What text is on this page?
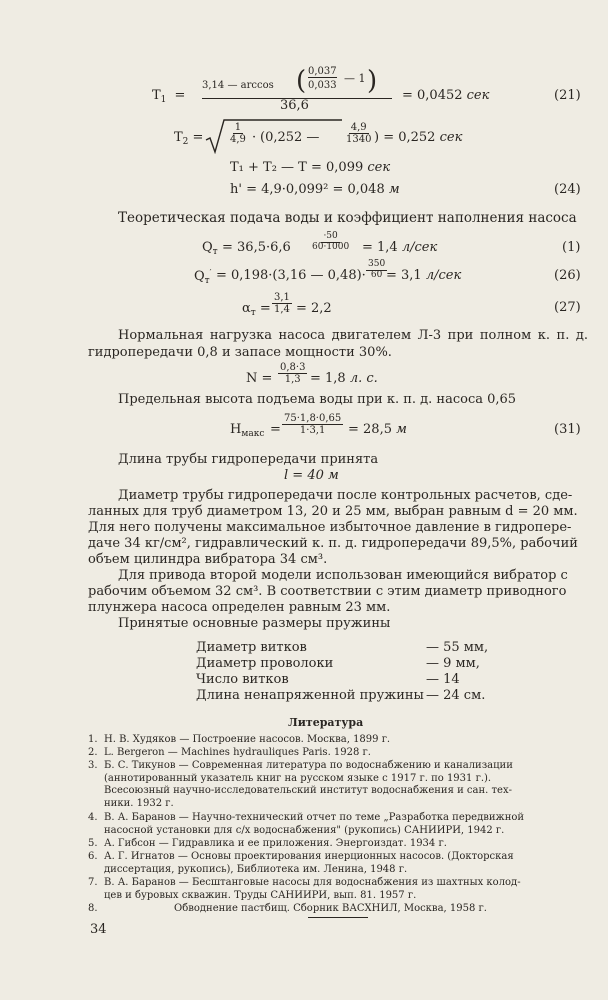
$T_1$ =
3,14 — arccos ( 0,037
0,033
— 1 )
36,6
= 0,0452 сек	(21)
$T_2 = \frac{1}{4,9} \cdot (0,252$ — $\frac{4,9}{1340}$ ) = 0,252 сек
T₁ + T₂ — T = 0,099 сек
h' = 4,9·0,099² = 0,048 м	(24)
Теоретическая подача воды и коэффициент наполнения насоса
$Q_т = 36,5\cdot 6,6 \frac{\cdot 50}{60\cdot 1000} = 1,4$ л/сек	(1)
$Q_т' = 0,198\cdot(3,16$ — $0,48)\cdot \frac{350}{60}$
= 3,1 л/сек	(26)
$\alpha_т = \frac{3,1}{1,4} = 2,2$	(27)
Нормальная нагрузка насоса двигателем Л-3 при полном к. п. д. гидропередачи 0,8 и запасе мощности 30%.
$N = \frac{0,8\cdot 3}{1,3} = 1,8$ л. с.
Предельная высота подъема воды при к. п. д. насоса 0,65
$H_{макс} = \frac{75\cdot 1,8\cdot 0,65}{1\cdot 3,1} = 28,5$ м	(31)
Длина трубы гидропередачи принята
l = 40 м
Диаметр трубы гидропередачи после контрольных расчетов, сде-
ланных для труб диаметром 13, 20 и 25 мм, выбран равным d = 20 мм.
Для него получены максимальное избыточное давление в гидропере-
даче 34 кг/см², гидравлический к. п. д. гидропередачи 89,5%, рабочий
объем цилиндра вибратора 34 см³.
Для привода второй модели использован имеющийся вибратор с
рабочим объемом 32 см³. В соответствии с этим диаметр приводного
плунжера насоса определен равным 23 мм.
Принятые основные размеры пружины
Диаметр витков	— 55 мм,
Диаметр проволоки	— 9 мм,
Число витков	— 14
Длина ненапряженной пружины — 24 см.
Литература
1. Н. В. Худяков — Построение насосов. Москва, 1899 г.
2. L. Bergeron — Machines hydrauliques Paris. 1928 г.
3. Б. С. Тикунов — Современная литература по водоснабжению и канализации
(аннотированный указатель книг на русском языке с 1917 г. по 1931 г.).
Всесоюзный научно-исследовательский институт водоснабжения и сан. тех-
ники. 1932 г.
4. В. А. Баранов — Научно-технический отчет по теме „Разработка передвижной
насосной установки для с/х водоснабжения" (рукопись) САНИИРИ, 1942 г.
5. А. Гибсон — Гидравлика и ее приложения. Энергоиздат. 1934 г.
6. А. Г. Игнатов — Основы проектирования инерционных насосов. (Докторская
диссертация, рукопись), Библиотека им. Ленина, 1948 г.
7. В. А. Баранов — Бесштанговые насосы для водоснабжения из шахтных колод-
цев и буровых скважин. Труды САНИИРИ, вып. 81. 1957 г.
8.	Обводнение пастбищ. Сборник ВАСХНИЛ, Москва, 1958 г.
34
